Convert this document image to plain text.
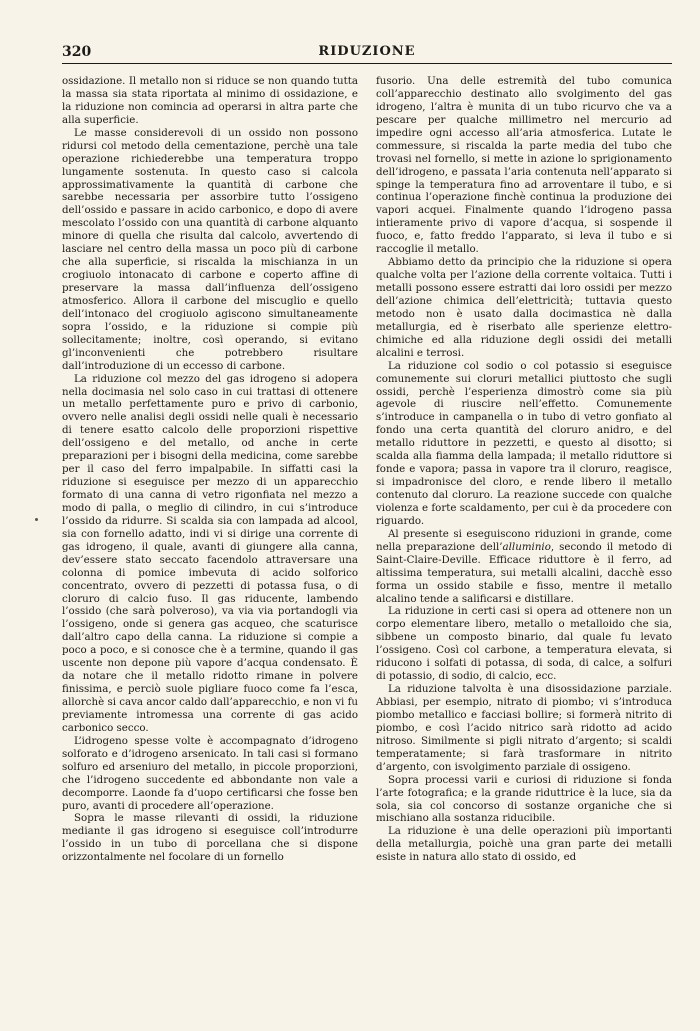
320	RIDUZIONE

ossidazione. Il metallo non si riduce se non quando tutta la massa sia stata riportata al minimo di ossidazione, e la riduzione non comincia ad operarsi in altra parte che alla superficie.

Le masse considerevoli di un ossido non possono ridursi col metodo della cementazione, perchè una tale operazione richiederebbe una temperatura troppo lungamente sostenuta. In questo caso si calcola approssimativamente la quantità di carbone che sarebbe necessaria per assorbire tutto l’ossigeno dell’ossido e passare in acido carbonico, e dopo di avere mescolato l’ossido con una quantità di carbone alquanto minore di quella che risulta dal calcolo, avvertendo di lasciare nel centro della massa un poco più di carbone che alla superficie, si riscalda la mischianza in un crogiuolo intonacato di carbone e coperto affine di preservare la massa dall’influenza dell’ossigeno atmosferico. Allora il carbone del miscuglio e quello dell’intonaco del crogiuolo agiscono simultaneamente sopra l’ossido, e la riduzione si compie più sollecitamente; inoltre, così operando, si evitano gl’inconvenienti che potrebbero risultare dall’introduzione di un eccesso di carbone.

La riduzione col mezzo del gas idrogeno si adopera nella docimasia nel solo caso in cui trattasi di ottenere un metallo perfettamente puro e privo di carbonio, ovvero nelle analisi degli ossidi nelle quali è necessario di tenere esatto calcolo delle proporzioni rispettive dell’ossigeno e del metallo, od anche in certe preparazioni per i bisogni della medicina, come sarebbe per il caso del ferro impalpabile. In siffatti casi la riduzione si eseguisce per mezzo di un apparecchio formato di una canna di vetro rigonfiata nel mezzo a modo di palla, o meglio di cilindro, in cui s’introduce l’ossido da ridurre. Si scalda sia con lampada ad alcool, sia con fornello adatto, indi vi si dirige una corrente di gas idrogeno, il quale, avanti di giungere alla canna, dev’essere stato seccato facendolo attraversare una colonna di pomice imbevuta di acido solforico concentrato, ovvero di pezzetti di potassa fusa, o di cloruro di calcio fuso. Il gas riducente, lambendo l’ossido (che sarà polveroso), va via via portandogli via l’ossigeno, onde si genera gas acqueo, che scaturisce dall’altro capo della canna. La riduzione si compie a poco a poco, e si conosce che è a termine, quando il gas uscente non depone più vapore d’acqua condensato. È da notare che il metallo ridotto rimane in polvere finissima, e perciò suole pigliare fuoco come fa l’esca, allorchè si cava ancor caldo dall’apparecchio, e non vi fu previamente intromessa una corrente di gas acido carbonico secco.

L’idrogeno spesse volte è accompagnato d’idrogeno solforato e d’idrogeno arsenicato. In tali casi si formano solfuro ed arseniuro del metallo, in piccole proporzioni, che l’idrogeno succedente ed abbondante non vale a decomporre. Laonde fa d’uopo certificarsi che fosse ben puro, avanti di procedere all’operazione.

Sopra le masse rilevanti di ossidi, la riduzione mediante il gas idrogeno si eseguisce coll’introdurre l’ossido in un tubo di porcellana che si dispone orizzontalmente nel focolare di un fornello

fusorio. Una delle estremità del tubo comunica coll’apparecchio destinato allo svolgimento del gas idrogeno, l’altra è munita di un tubo ricurvo che va a pescare per qualche millimetro nel mercurio ad impedire ogni accesso all’aria atmosferica. Lutate le commessure, si riscalda la parte media del tubo che trovasi nel fornello, si mette in azione lo sprigionamento dell’idrogeno, e passata l’aria contenuta nell’apparato si spinge la temperatura fino ad arroventare il tubo, e si continua l’operazione finchè continua la produzione dei vapori acquei. Finalmente quando l’idrogeno passa intieramente privo di vapore d’acqua, si sospende il fuoco, e, fatto freddo l’apparato, si leva il tubo e si raccoglie il metallo.

Abbiamo detto da principio che la riduzione si opera qualche volta per l’azione della corrente voltaica. Tutti i metalli possono essere estratti dai loro ossidi per mezzo dell’azione chimica dell’elettricità; tuttavia questo metodo non è usato dalla docimastica nè dalla metallurgia, ed è riserbato alle sperienze elettro-chimiche ed alla riduzione degli ossidi dei metalli alcalini e terrosi.

La riduzione col sodio o col potassio si eseguisce comunemente sui cloruri metallici piuttosto che sugli ossidi, perchè l’esperienza dimostrò come sia più agevole di riuscire nell’effetto. Comunemente s’introduce in campanella o in tubo di vetro gonfiato al fondo una certa quantità del cloruro anidro, e del metallo riduttore in pezzetti, e questo al disotto; si scalda alla fiamma della lampada; il metallo riduttore si fonde e vapora; passa in vapore tra il cloruro, reagisce, si impadronisce del cloro, e rende libero il metallo contenuto dal cloruro. La reazione succede con qualche violenza e forte scaldamento, per cui è da procedere con riguardo.

Al presente si eseguiscono riduzioni in grande, come nella preparazione dell’alluminio, secondo il metodo di Saint-Claire-Deville. Efficace riduttore è il ferro, ad altissima temperatura, sui metalli alcalini, dacchè esso forma un ossido stabile e fisso, mentre il metallo alcalino tende a salificarsi e distillare.

La riduzione in certi casi si opera ad ottenere non un corpo elementare libero, metallo o metalloido che sia, sibbene un composto binario, dal quale fu levato l’ossigeno. Così col carbone, a temperatura elevata, si riducono i solfati di potassa, di soda, di calce, a solfuri di potassio, di sodio, di calcio, ecc.

La riduzione talvolta è una disossidazione parziale. Abbiasi, per esempio, nitrato di piombo; vi s’introduca piombo metallico e facciasi bollire; si formerà nitrito di piombo, e così l’acido nitrico sarà ridotto ad acido nitroso. Similmente si pigli nitrato d’argento; si scaldi temperatamente; si farà trasformare in nitrito d’argento, con isvolgimento parziale di ossigeno.

Sopra processi varii e curiosi di riduzione si fonda l’arte fotografica; e la grande riduttrice è la luce, sia da sola, sia col concorso di sostanze organiche che si mischiano alla sostanza riducibile.

La riduzione è una delle operazioni più importanti della metallurgia, poichè una gran parte dei metalli esiste in natura allo stato di ossido, ed
